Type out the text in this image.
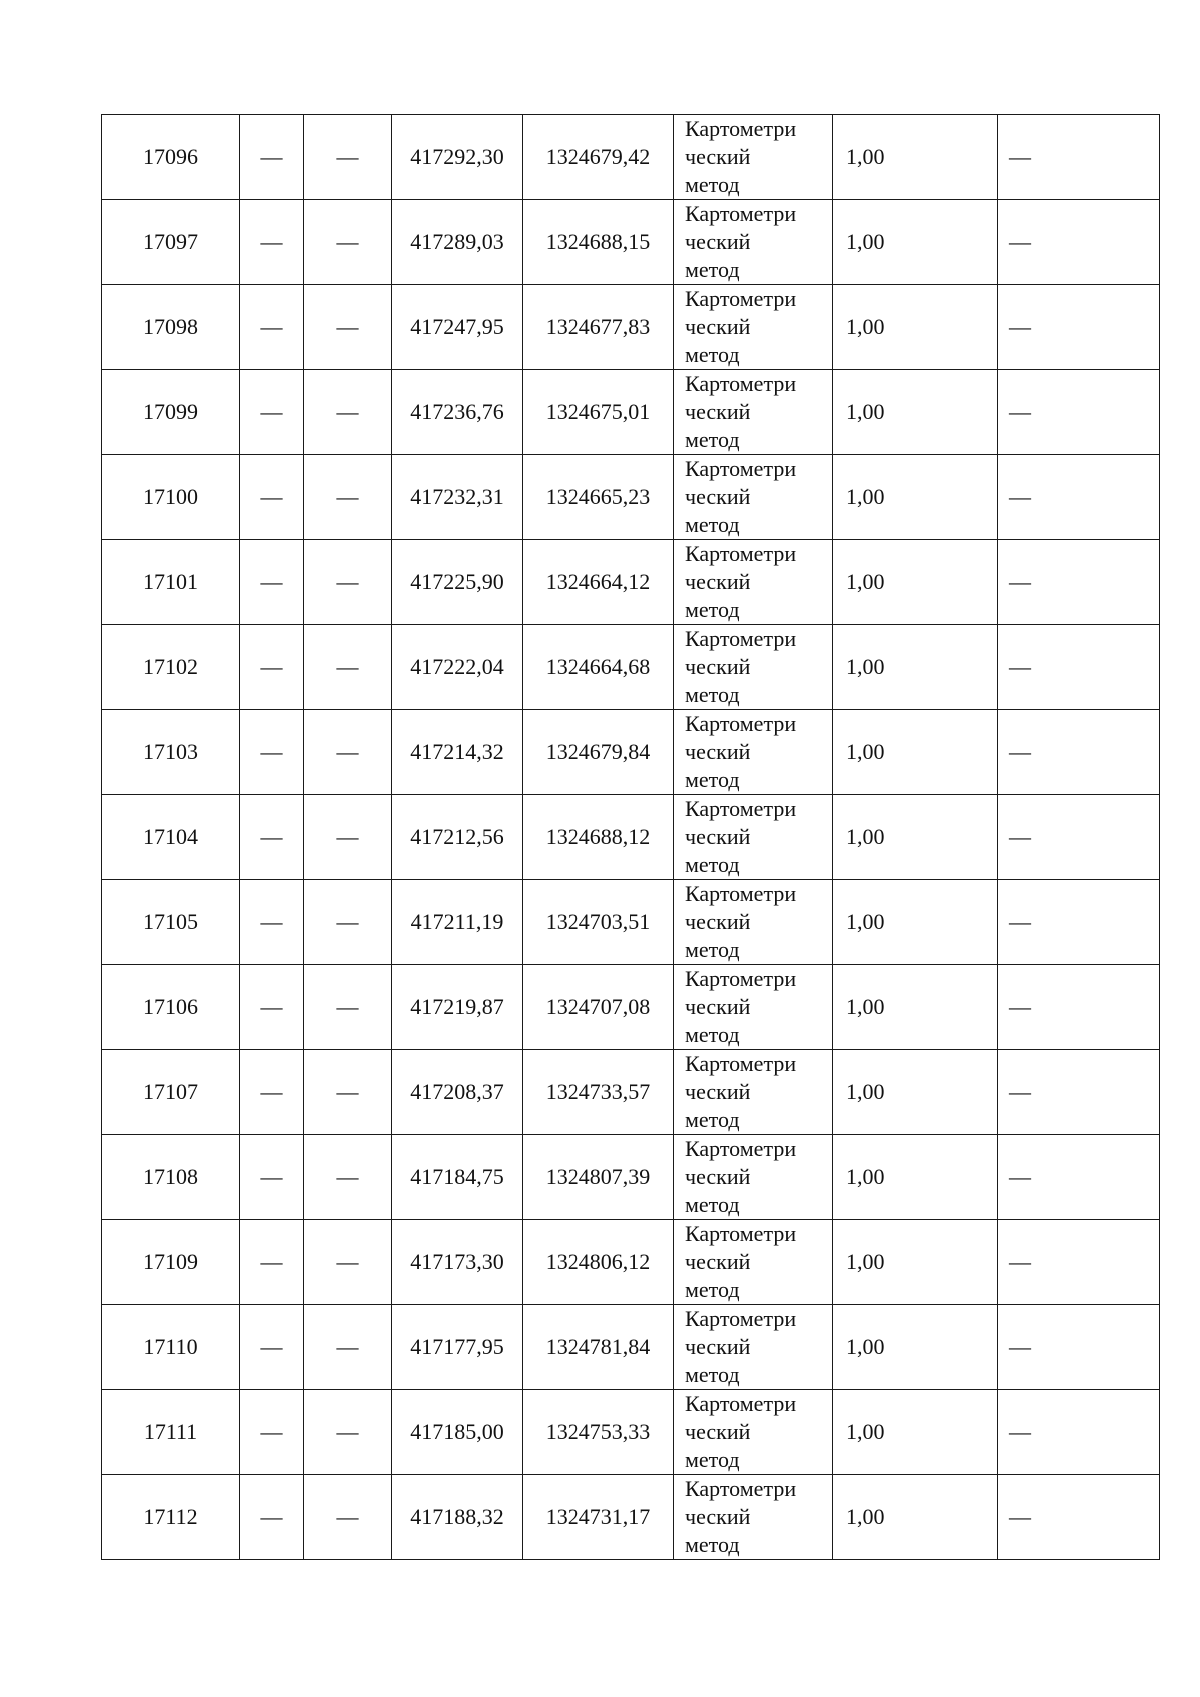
17096	—	—	417292,30	1324679,42	Картометри
ческий
метод	1,00	—
17097	—	—	417289,03	1324688,15	Картометри
ческий
метод	1,00	—
17098	—	—	417247,95	1324677,83	Картометри
ческий
метод	1,00	—
17099	—	—	417236,76	1324675,01	Картометри
ческий
метод	1,00	—
17100	—	—	417232,31	1324665,23	Картометри
ческий
метод	1,00	—
17101	—	—	417225,90	1324664,12	Картометри
ческий
метод	1,00	—
17102	—	—	417222,04	1324664,68	Картометри
ческий
метод	1,00	—
17103	—	—	417214,32	1324679,84	Картометри
ческий
метод	1,00	—
17104	—	—	417212,56	1324688,12	Картометри
ческий
метод	1,00	—
17105	—	—	417211,19	1324703,51	Картометри
ческий
метод	1,00	—
17106	—	—	417219,87	1324707,08	Картометри
ческий
метод	1,00	—
17107	—	—	417208,37	1324733,57	Картометри
ческий
метод	1,00	—
17108	—	—	417184,75	1324807,39	Картометри
ческий
метод	1,00	—
17109	—	—	417173,30	1324806,12	Картометри
ческий
метод	1,00	—
17110	—	—	417177,95	1324781,84	Картометри
ческий
метод	1,00	—
17111	—	—	417185,00	1324753,33	Картометри
ческий
метод	1,00	—
17112	—	—	417188,32	1324731,17	Картометри
ческий
метод	1,00	—
